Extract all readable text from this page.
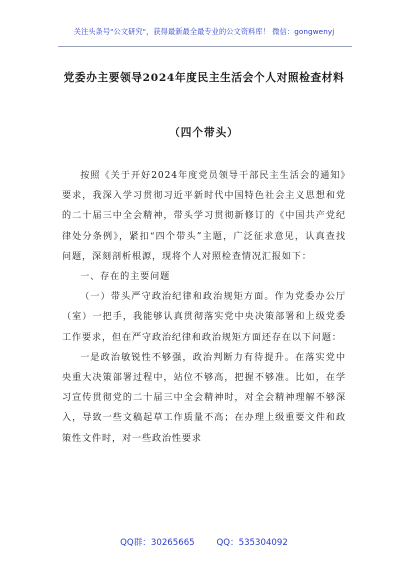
关注头条号"公文研究"，获得最新最全最专业的公文资料库！ 微信：gongwenyj
党委办主要领导2024年度民主生活会个人对照检查材料
（四个带头）

按照《关于开好2024年度党员领导干部民主生活会的通知》要求，我深入学习贯彻习近平新时代中国特色社会主义思想和党的二十届三中全会精神，带头学习贯彻新修订的《中国共产党纪律处分条例》，紧扣“四个带头”主题，广泛征求意见，认真查找问题，深刻剖析根源，现将个人对照检查情况汇报如下：

一、存在的主要问题

（一）带头严守政治纪律和政治规矩方面。作为党委办公厅（室）一把手，我能够认真贯彻落实党中央决策部署和上级党委工作要求，但在严守政治纪律和政治规矩方面还存在以下问题：

一是政治敏锐性不够强，政治判断力有待提升。在落实党中央重大决策部署过程中，站位不够高，把握不够准。比如，在学习宣传贯彻党的二十届三中全会精神时，对全会精神理解不够深入，导致一些文稿起草工作质量不高；在办理上级重要文件和政策性文件时，对一些政治性要求

QQ群：30265665        QQ：535304092
